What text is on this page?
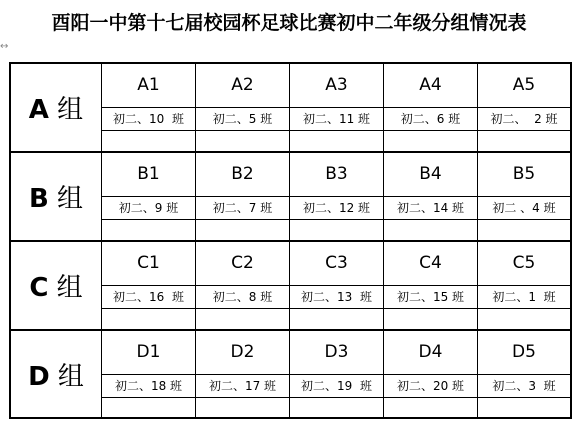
酉阳一中第十七届校园杯足球比赛初中二年级分组情况表
↔
A 组
A1
初二、10  班
A2
初二、5 班
A3
初二、11 班
A4
初二、6 班
A5
初二、  2 班
B 组
B1
初二、9 班
B2
初二、7 班
B3
初二、12 班
B4
初二、14 班
B5
初二 、4 班
C 组
C1
初二、16  班
C2
初二、8 班
C3
初二、13  班
C4
初二、15 班
C5
初二、1  班
D 组
D1
初二、18 班
D2
初二、17 班
D3
初二、19  班
D4
初二、20 班
D5
初二、3  班
